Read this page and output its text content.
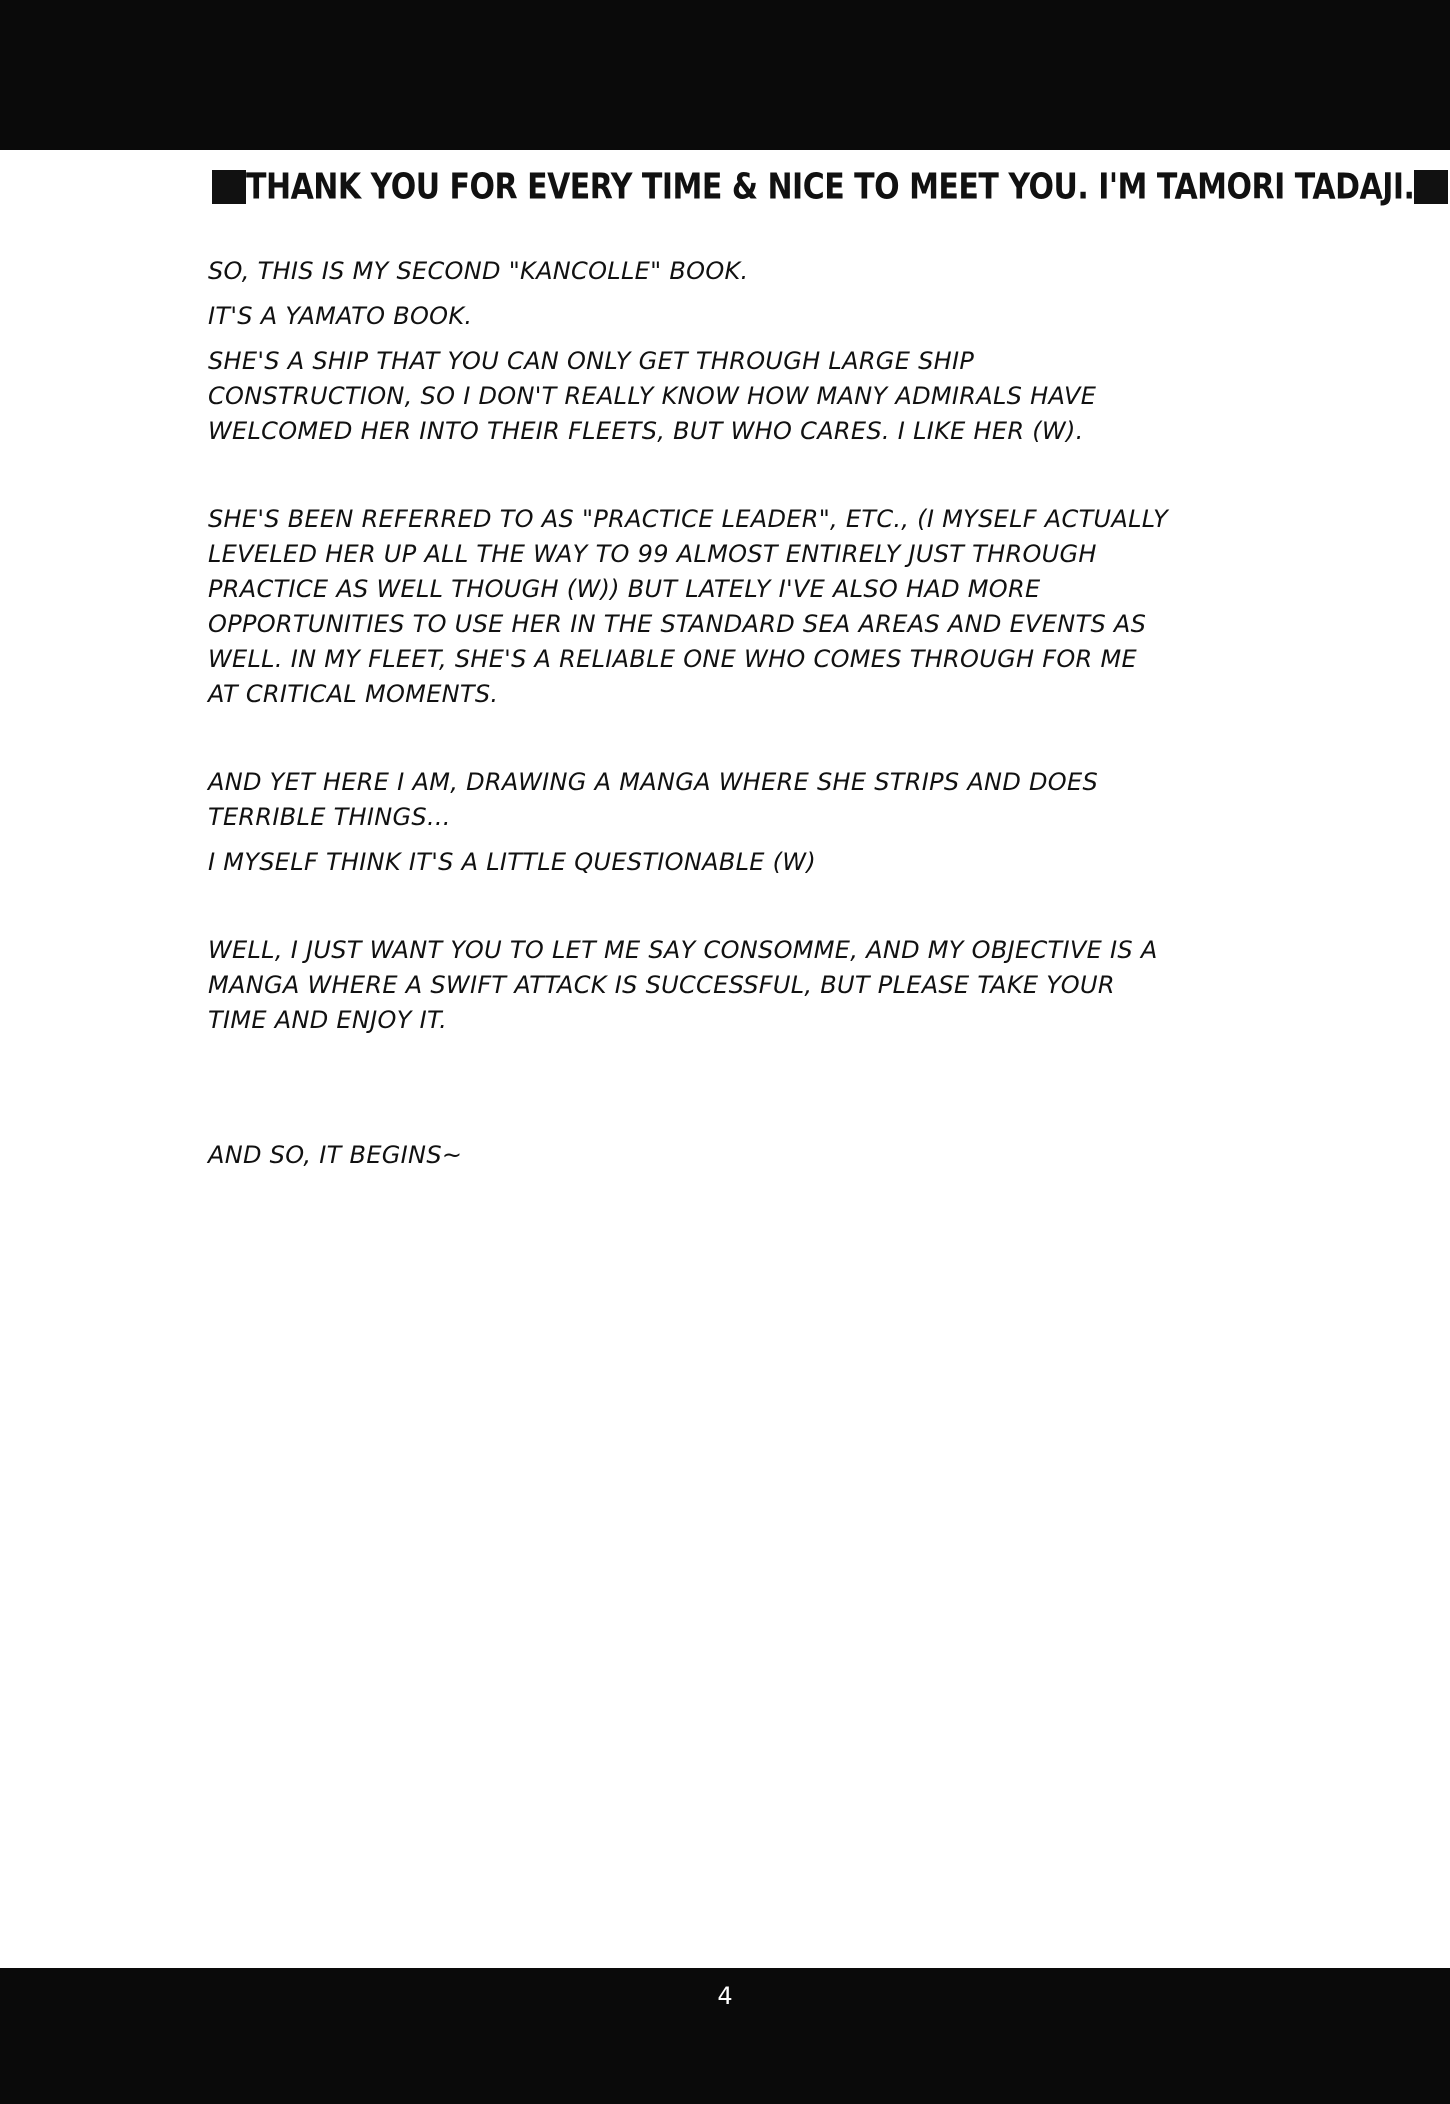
THANK YOU FOR EVERY TIME & NICE TO MEET YOU. I'M TAMORI TADAJI.

SO, THIS IS MY SECOND "KANCOLLE" BOOK.

IT'S A YAMATO BOOK.

SHE'S A SHIP THAT YOU CAN ONLY GET THROUGH LARGE SHIP
CONSTRUCTION, SO I DON'T REALLY KNOW HOW MANY ADMIRALS HAVE
WELCOMED HER INTO THEIR FLEETS, BUT WHO CARES. I LIKE HER (W).

SHE'S BEEN REFERRED TO AS "PRACTICE LEADER", ETC., (I MYSELF ACTUALLY
LEVELED HER UP ALL THE WAY TO 99 ALMOST ENTIRELY JUST THROUGH
PRACTICE AS WELL THOUGH (W)) BUT LATELY I'VE ALSO HAD MORE
OPPORTUNITIES TO USE HER IN THE STANDARD SEA AREAS AND EVENTS AS
WELL. IN MY FLEET, SHE'S A RELIABLE ONE WHO COMES THROUGH FOR ME
AT CRITICAL MOMENTS.

AND YET HERE I AM, DRAWING A MANGA WHERE SHE STRIPS AND DOES
TERRIBLE THINGS...

I MYSELF THINK IT'S A LITTLE QUESTIONABLE (W)

WELL, I JUST WANT YOU TO LET ME SAY CONSOMME, AND MY OBJECTIVE IS A
MANGA WHERE A SWIFT ATTACK IS SUCCESSFUL, BUT PLEASE TAKE YOUR
TIME AND ENJOY IT.

AND SO, IT BEGINS~

4
